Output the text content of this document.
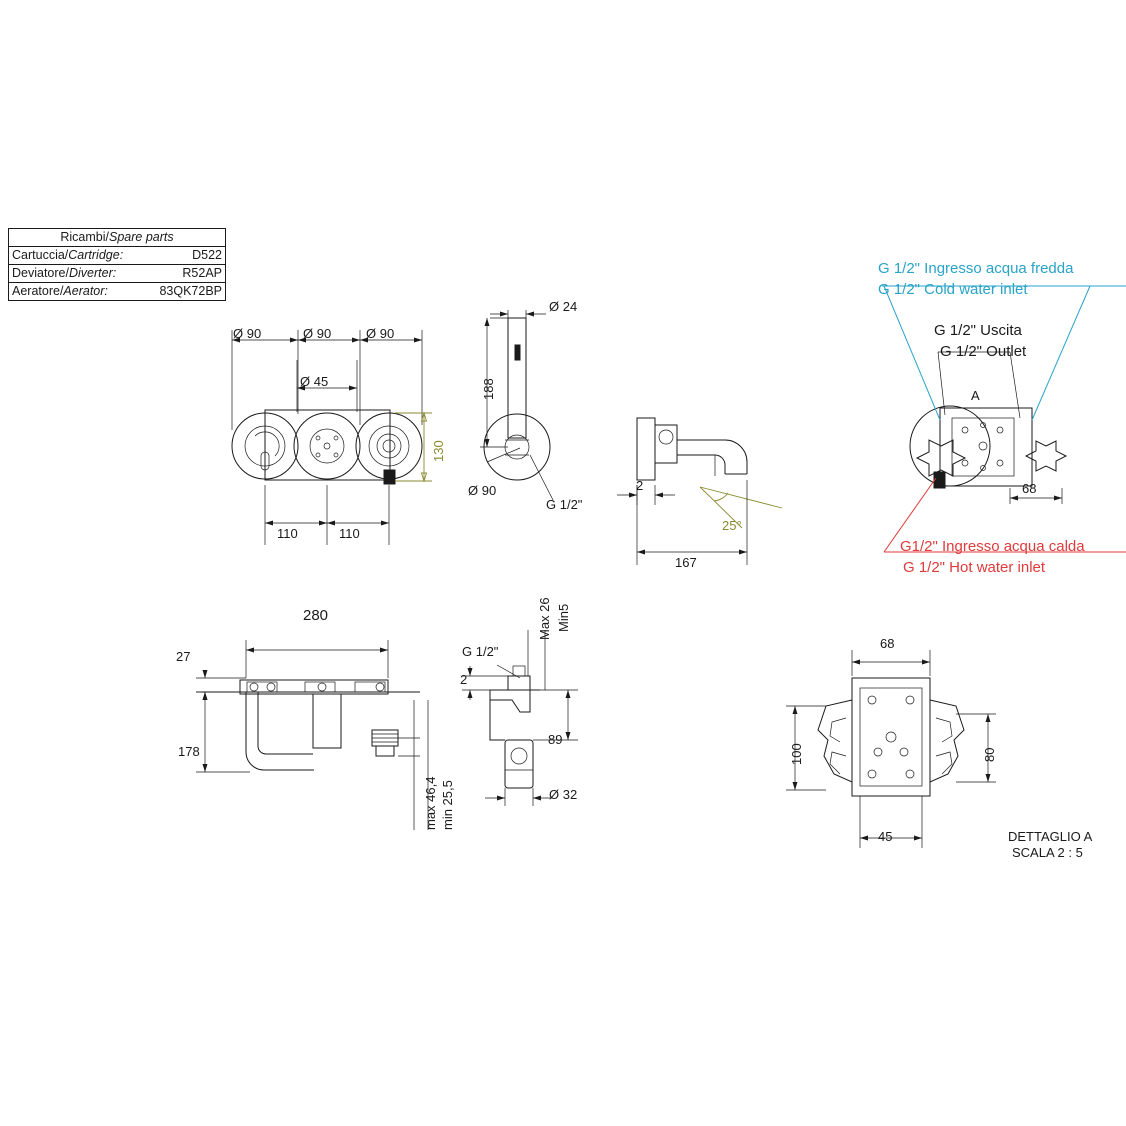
Ricambi/Spare parts	
Cartuccia/Cartridge:	D522
Deviatore/Diverter:	R52AP
Aeratore/Aerator:	83QK72BP
Ø 90	Ø 90	Ø 90
Ø 45
130
110	110
Ø 24
188
Ø 90
G 1/2"
2
25°
167
G 1/2" Ingresso acqua fredda
G 1/2" Cold water inlet
G 1/2" Uscita
G 1/2" Outlet
A
G1/2" Ingresso acqua calda
G 1/2" Hot water inlet
68
280
27
178
max 46,4 min 25,5
G 1/2"
Max 26 Min5
2
89
Ø 32
68
100	80
45	DETTAGLIO A
SCALA 2 : 5
